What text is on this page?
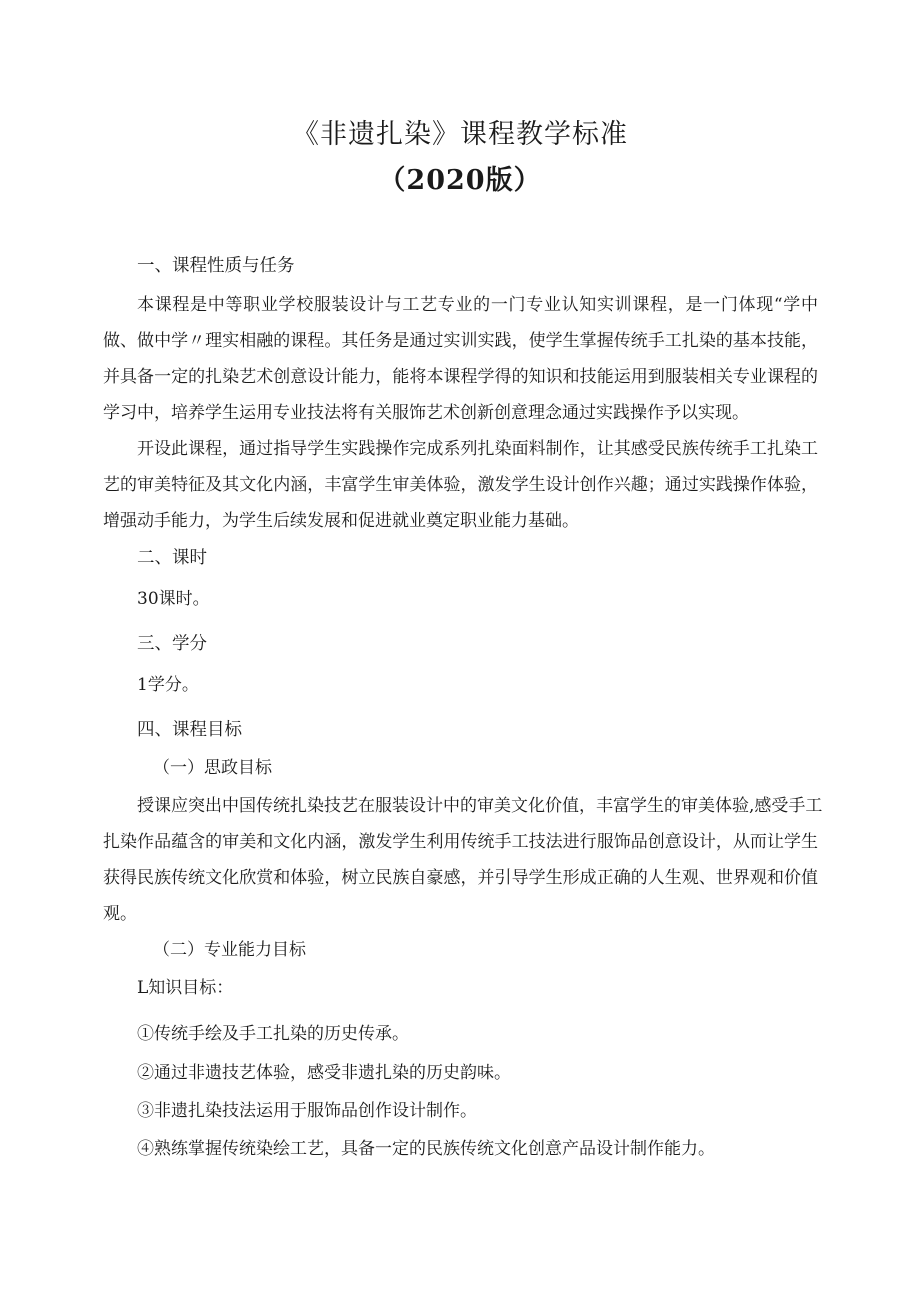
《非遗扎染》课程教学标准
（2020版）
一、课程性质与任务
本课程是中等职业学校服装设计与工艺专业的一门专业认知实训课程，是一门体现“学中
做、做中学〃理实相融的课程。其任务是通过实训实践，使学生掌握传统手工扎染的基本技能，
并具备一定的扎染艺术创意设计能力，能将本课程学得的知识和技能运用到服装相关专业课程的
学习中，培养学生运用专业技法将有关服饰艺术创新创意理念通过实践操作予以实现。
开设此课程，通过指导学生实践操作完成系列扎染面料制作，让其感受民族传统手工扎染工
艺的审美特征及其文化内涵，丰富学生审美体验，激发学生设计创作兴趣；通过实践操作体验，
增强动手能力，为学生后续发展和促进就业奠定职业能力基础。
二、课时
30课时。
三、学分
1学分。
四、课程目标
（一）思政目标
授课应突出中国传统扎染技艺在服装设计中的审美文化价值，丰富学生的审美体验,感受手工
扎染作品蕴含的审美和文化内涵，激发学生利用传统手工技法进行服饰品创意设计，从而让学生
获得民族传统文化欣赏和体验，树立民族自豪感，并引导学生形成正确的人生观、世界观和价值
观。
（二）专业能力目标
L知识目标：
①传统手绘及手工扎染的历史传承。
②通过非遗技艺体验，感受非遗扎染的历史韵味。
③非遗扎染技法运用于服饰品创作设计制作。
④熟练掌握传统染绘工艺，具备一定的民族传统文化创意产品设计制作能力。
